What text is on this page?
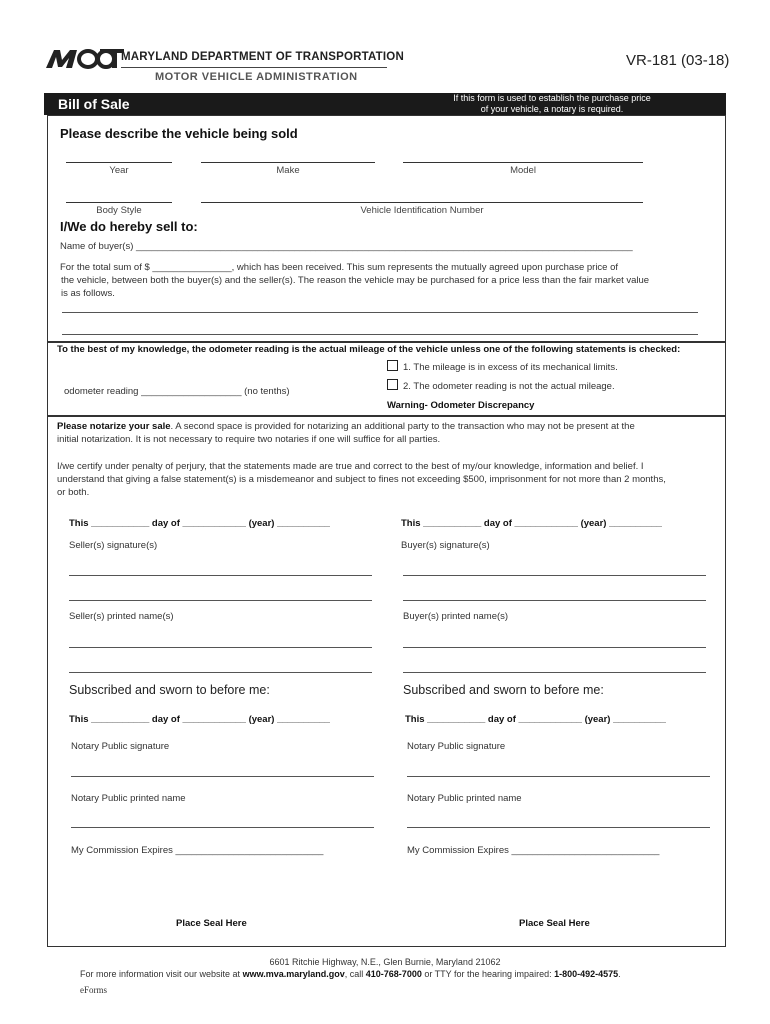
MARYLAND DEPARTMENT OF TRANSPORTATION
MOTOR VEHICLE ADMINISTRATION
VR-181 (03-18)
Bill of Sale	If this form is used to establish the purchase price
of your vehicle, a notary is required.
Please describe the vehicle being sold
Year	Make	Model
Body Style	Vehicle Identification Number
I/We do hereby sell to:
Name of buyer(s) ______________________________________________________________________________________________
For the total sum of $ _______________, which has been received. This sum represents the mutually agreed upon purchase price of
the vehicle, between both the buyer(s) and the seller(s). The reason the vehicle may be purchased for a price less than the fair market value
is as follows.
To the best of my knowledge, the odometer reading is the actual mileage of the vehicle unless one of the following statements is checked:
odometer reading ___________________ (no tenths)
1. The mileage is in excess of its mechanical limits.
2. The odometer reading is not the actual mileage.
Warning- Odometer Discrepancy
Please notarize your sale. A second space is provided for notarizing an additional party to the transaction who may not be present at the
initial notarization. It is not necessary to require two notaries if one will suffice for all parties.
I/we certify under penalty of perjury, that the statements made are true and correct to the best of my/our knowledge, information and belief. I
understand that giving a false statement(s) is a misdemeanor and subject to fines not exceeding $500, imprisonment for not more than 2 months,
or both.
This ___________ day of ____________ (year) __________
Seller(s) signature(s)
Seller(s) printed name(s)
Subscribed and sworn to before me:
This ___________ day of ____________ (year) __________
Notary Public signature
Notary Public printed name
My Commission Expires ____________________________
Place Seal Here
This ___________ day of ____________ (year) __________
Buyer(s) signature(s)
Buyer(s) printed name(s)
Subscribed and sworn to before me:
This ___________ day of ____________ (year) __________
Notary Public signature
Notary Public printed name
My Commission Expires ____________________________
Place Seal Here
6601 Ritchie Highway, N.E., Glen Burnie, Maryland 21062
For more information visit our website at www.mva.maryland.gov, call 410-768-7000 or TTY for the hearing impaired: 1-800-492-4575.
eForms
